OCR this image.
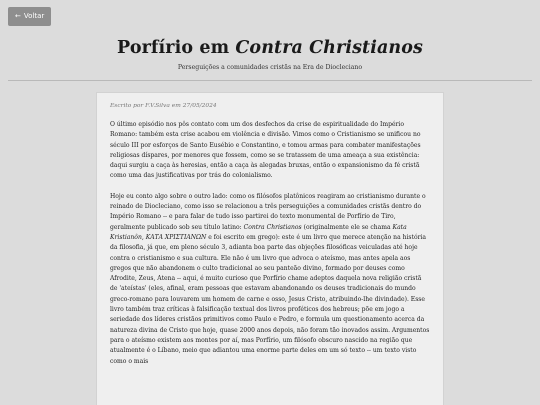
← Voltar
Porfírio em Contra Christianos
Perseguições a comunidades cristãs na Era de Diocleciano
Escrito por F.V.Silva em 27/05/2024

O último episódio nos pôs contato com um dos desfechos da crise de espiritualidade do Império Romano: também esta crise acabou em violência e divisão. Vimos como o Cristianismo se unificou no século III por esforços de Santo Eusébio e Constantino, e tomou armas para combater manifestações religiosas díspares, por menores que fossem, como se se tratassem de uma ameaça a sua existência: daqui surgiu a caça às heresias, então a caça às alegadas bruxas, então o expansionismo da fé cristã como uma das justificativas por trás do colonialismo.

Hoje eu conto algo sobre o outro lado: como os filósofos platônicos reagiram ao cristianismo durante o reinado de Diocleciano, como isso se relacionou a três perseguições a comunidades cristãs dentro do Império Romano -- e para falar de tudo isso partirei do texto monumental de Porfírio de Tiro, geralmente publicado sob seu título latino: Contra Christianos (originalmente ele se chama Kata Kristianôn, ΚΑΤΑ ΧΡΙΣΤΙΑΝΩΝ e foi escrito em grego): este é um livro que merece atenção na história da filosofia, já que, em pleno século 3, adianta boa parte das objeções filosóficas veiculadas até hoje contra o cristianismo e sua cultura. Ele não é um livro que advoca o ateísmo, mas antes apela aos gregos que não abandonem o culto tradicional ao seu panteão divino, formado por deuses como Afrodite, Zeus, Atena -- aqui, é muito curioso que Porfírio chame adeptos daquela nova religião cristã de 'ateístas' (eles, afinal, eram pessoas que estavam abandonando os deuses tradicionais do mundo greco-romano para louvarem um homem de carne e osso, Jesus Cristo, atribuindo-lhe divindade). Esse livro também traz críticas à falsificação textual dos livros proféticos dos hebreus; põe em jogo a seriedade dos líderes cristãos primitivos como Paulo e Pedro, e formula um questionamento acerca da natureza divina de Cristo que hoje, quase 2000 anos depois, não foram tão inovados assim. Argumentos para o ateísmo existem aos montes por aí, mas Porfírio, um filósofo obscuro nascido na região que atualmente é o Líbano, meio que adiantou uma enorme parte deles em um só texto -- um texto visto como o mais
